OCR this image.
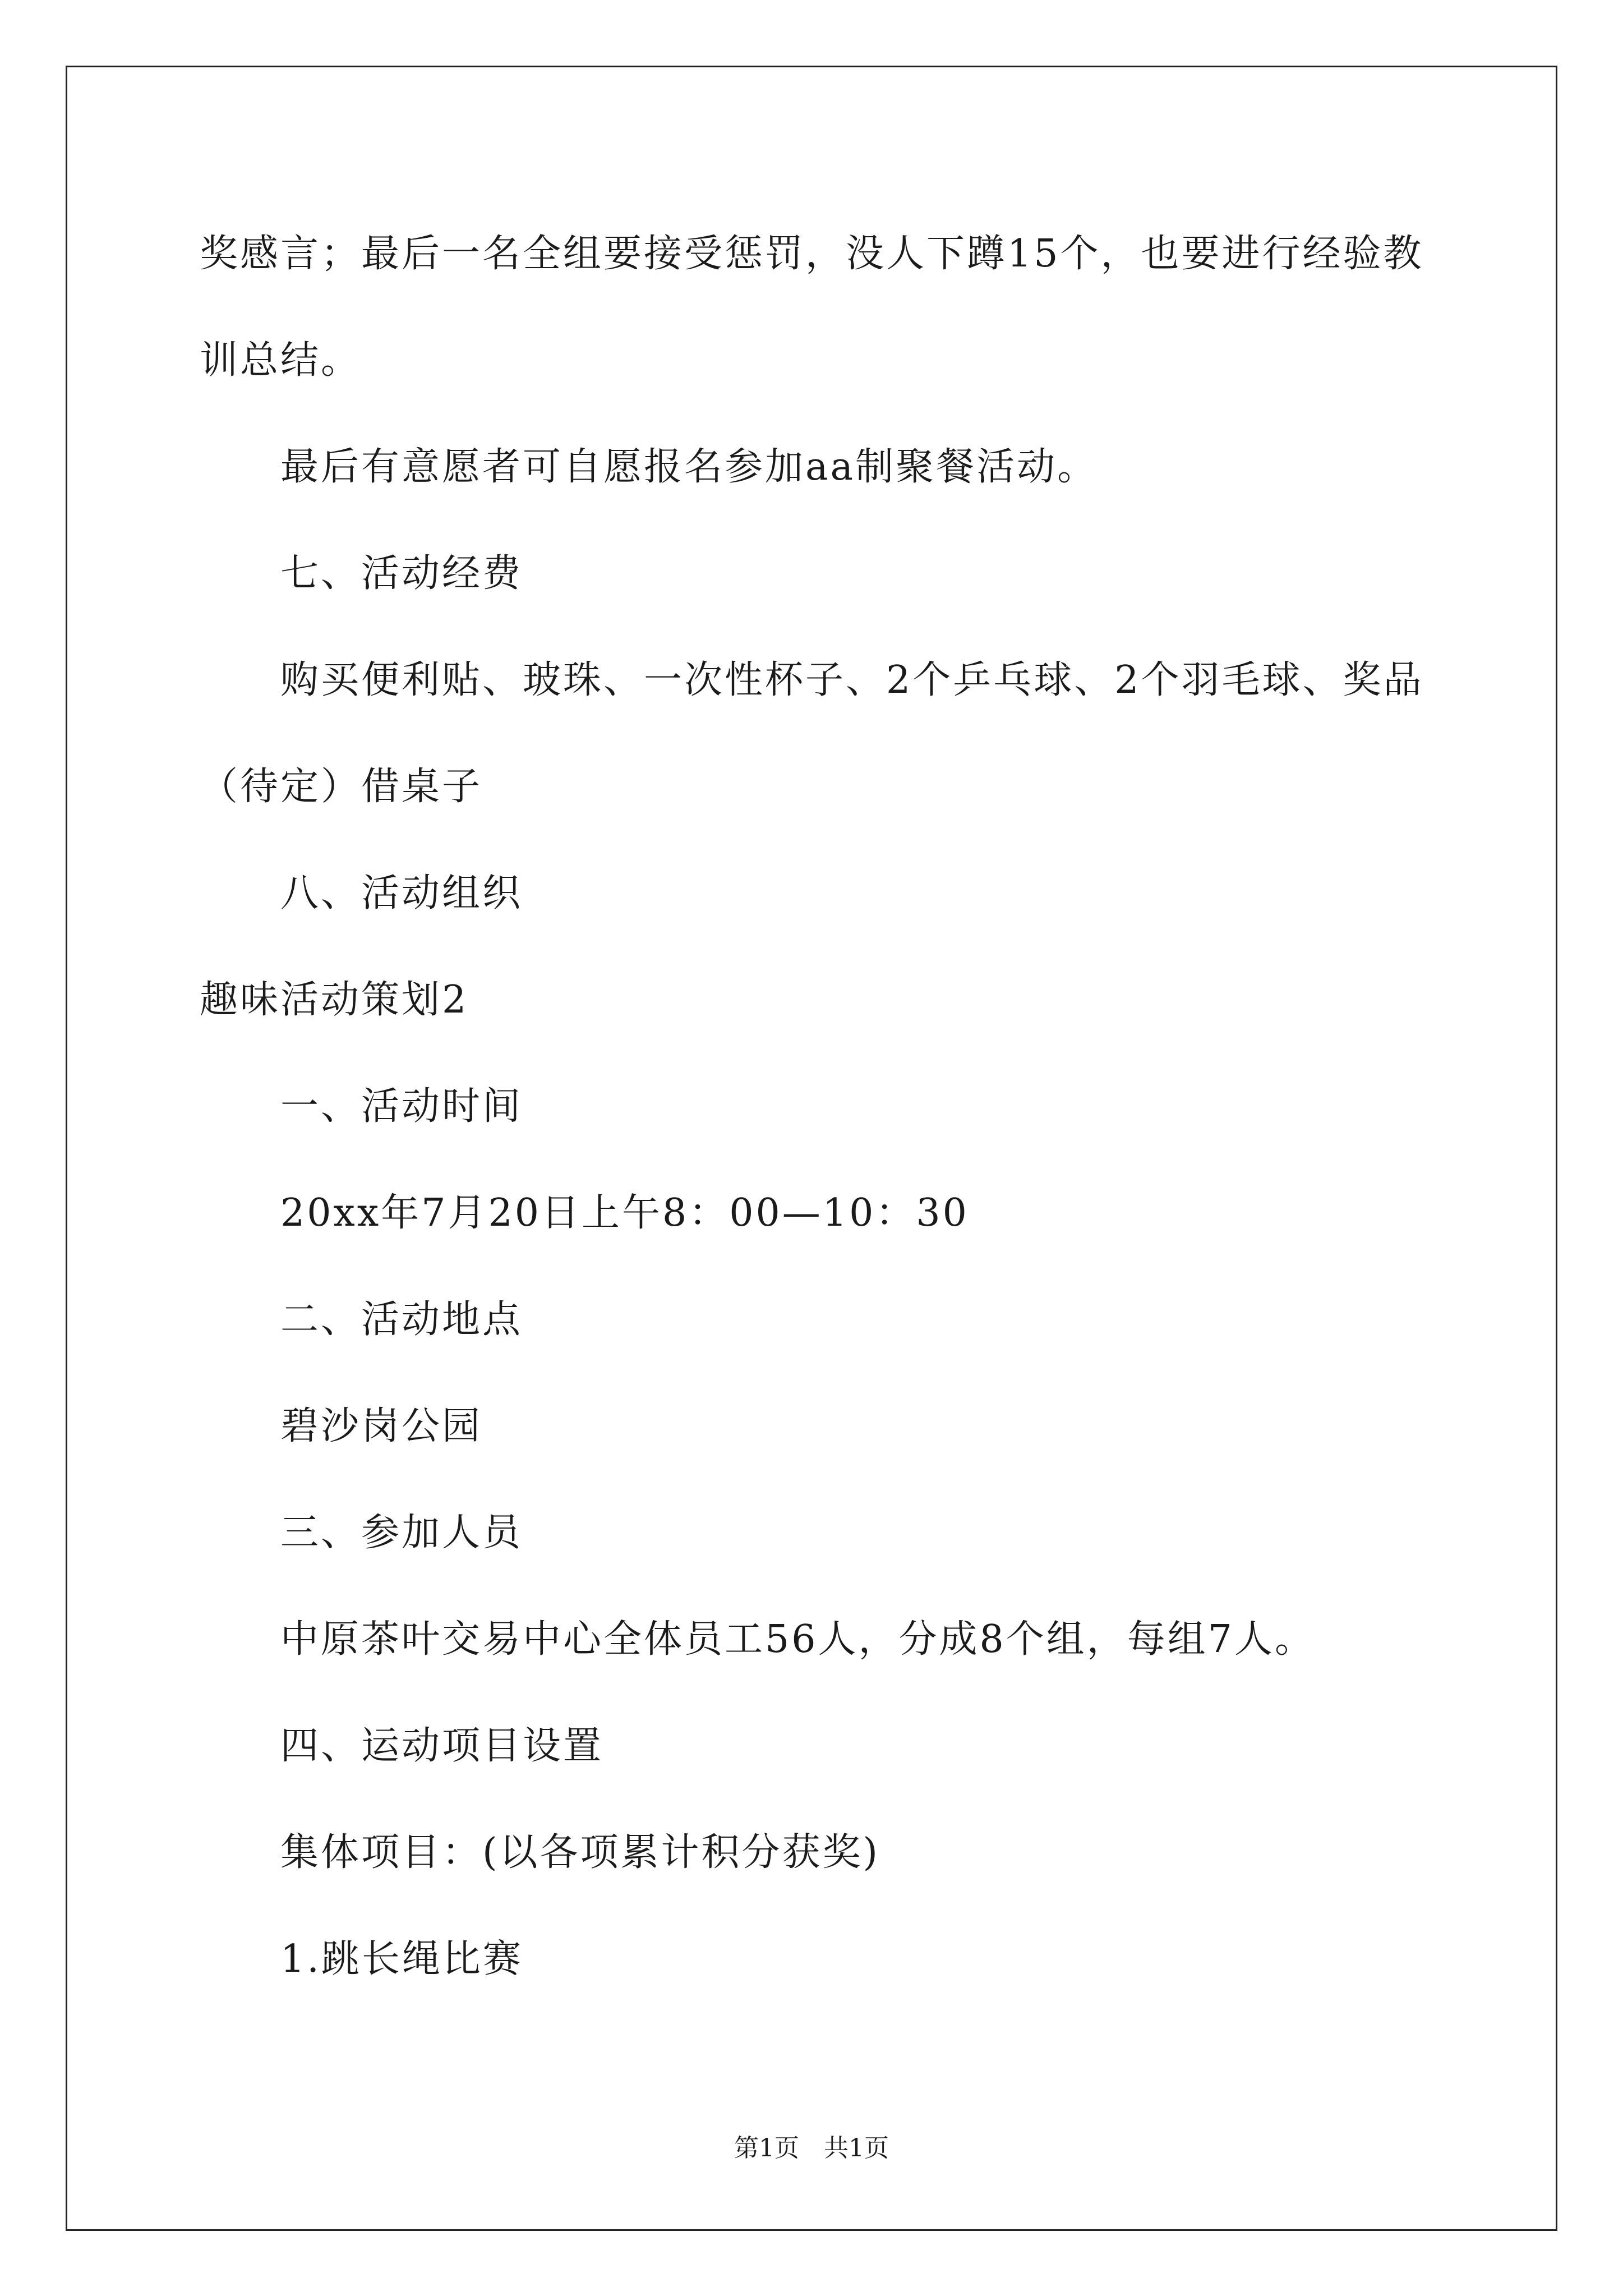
奖感言；最后一名全组要接受惩罚，没人下蹲15个，也要进行经验教
训总结。
最后有意愿者可自愿报名参加aa制聚餐活动。
七、活动经费
购买便利贴、玻珠、一次性杯子、2个乒乓球、2个羽毛球、奖品
（待定）借桌子
八、活动组织
趣味活动策划2
一、活动时间
20xx年7月20日上午8：00—10：30
二、活动地点
碧沙岗公园
三、参加人员
中原茶叶交易中心全体员工56人，分成8个组，每组7人。
四、运动项目设置
集体项目：(以各项累计积分获奖)
1.跳长绳比赛
第1页　共1页
